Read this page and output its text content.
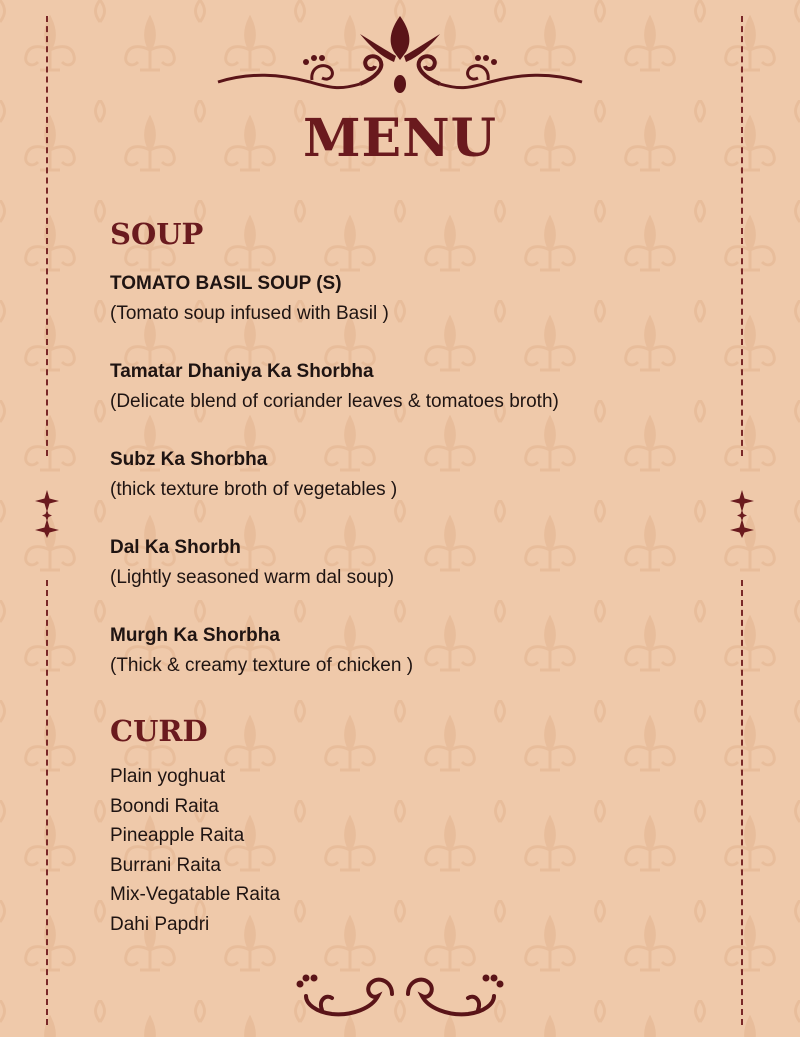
MENU
SOUP

TOMATO BASIL SOUP (S)

(Tomato soup infused with Basil )

Tamatar Dhaniya Ka Shorbha

(Delicate blend of coriander leaves & tomatoes broth)

Subz Ka Shorbha

(thick texture broth of vegetables )

Dal Ka Shorbh

(Lightly seasoned warm dal soup)

Murgh Ka Shorbha

(Thick & creamy texture of chicken )

CURD
Plain yoghuat
Boondi Raita
Pineapple Raita
Burrani Raita
Mix-Vegatable Raita
Dahi Papdri
